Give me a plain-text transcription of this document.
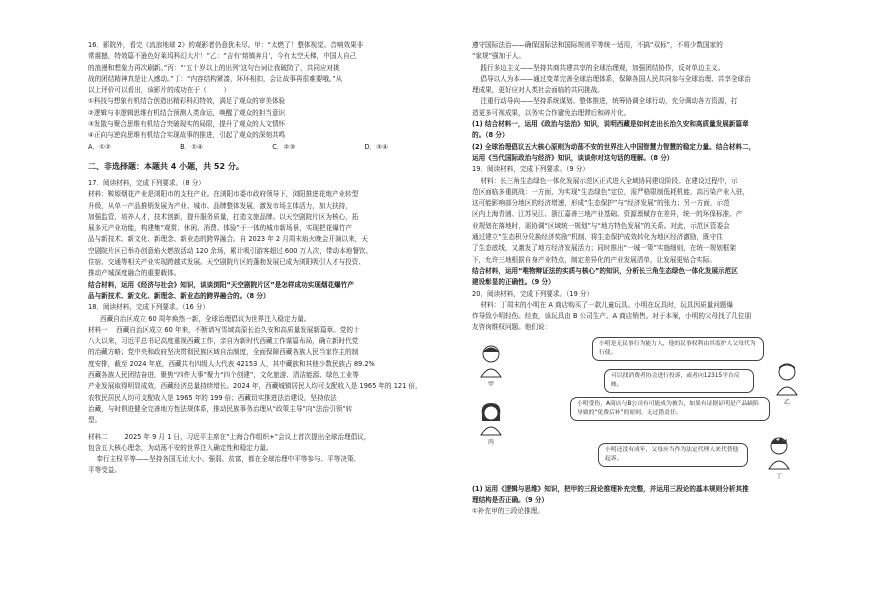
16．影院外，看完《流浪地球 2》的观影者仍意犹未尽。甲：“太燃了！整体视觉、音响效果非

常震撼，特效篇不逊色好莱坞科幻大片！”乙：“吉有‘熔镇奔月’，今有太空天梯，中国人自己

的浪漫和想象力再次刷新。”丙：“‘五十岁以上的出列’这句台词让我破防了，共同应对挑

战的团结精神真是让人感动。”丁：“内容结构紧凑，环环相扣，会让故事再很难要哦。”从

以上评价可以看出，该影片的成功在于（        ）

①科技与想象有机结合创造出精彩科幻特效，满足了观众的审美体验

②逻辑与非逻辑思维有机结合预测人类命运，唤醒了观众的担当意识

③发散与聚合思维有机结合突破现实的局限，提升了观众的人文情怀

④正向与逆向思维有机结合实现故事的推进，引起了观众的深刻共鸣

A．①②	B．①④	C．②③	D．③④

二、非选择题：本题共 4 小题，共 52 分。

17．阅读材料，完成下列要求。（8 分）

材料：鞍塬烟花产业是浏阳市的支柱产业。在浏阳市委市政府领导下，浏阳推进花炮产业转型

升级，从单一产品推销发展为产业、城市、品牌整体发展，激发市场主体活力，加大扶持，

加强监管，培养人才，技术创新，提升服务质量，打造文旅品牌。以天空剧院片区为核心，拓

展多元产业功能，构建集“观赏、休闲、消费、体验”于一体的城市新场景，实现把花爆竹产

品与新技术、新文化、新理念、新业态的跨界融合。自 2023 年 2 月周末焰火晚会开演以来，天

空剧院片区已举办创意焰火燃放活动 120 余场，累计吸引游客超过 600 万人次，带动本地餐饮、

住宿、交通等相关产业实现跨越式发展。天空剧院片区的蓬勃发展已成为浏阳吸引人才与投资、

推动产城深度融合的重要载体。

结合材料，运用《经济与社会》知识，谈谈浏阳“天空剧院片区”是怎样成功实现烟花爆竹产

品与新技术、新文化、新理念、新业态的跨界融合的。（8 分）

18．阅读材料，完成下列要求。（16 分）

西藏自治区成立 60 周年焕然一新，全球治理倡议为世界注入稳定力量。

材料一    西藏自治区成立 60 年来，不断谱写雪域高原长治久安和高质量发展新篇章。党的十

八大以来，习近平总书记高度重视西藏工作，亲自为新时代西藏工作谋篇布局，确立新时代党

的治藏方略；党中央和政府坚决贯彻民族区域自治制度，全面保障西藏各族人民当家作主的制

度安排，截至 2024 年底，西藏共有四级人大代表 42153 人，其中藏族和其他少数民族占 89.2%

西藏各族人民团结奋进，聚焦“四件大事”聚力“四个创建”，文化旅游、清洁能源、绿色工业等

产业发展取得明显成效，西藏经济总量持续增长。2024 年，西藏城镇居民人均可支配收入是 1965 年的 121 倍，

农牧民居民人均可支配收入是 1965 年的 199 倍；西藏切实推进法治建设，坚持依法

治藏，与时俱进健全完善地方性法规体系，推动民族事务治理从“政策主导”向“法治引领”转

型。

材料二        2025 年 9 月 1 日，习近平主席在“上海合作组织+”会议上首次提出全球治理倡议，

包含五大核心理念，为动荡不安的世界注入确定性和稳定力量。

奉行主权平等——坚持各国无论大小、强弱、贫富，都在全球治理中平等参与、平等决策、

平等受益。

遵守国际法治——确保国际法和国际规则平等统一适用，不搞“双标”，不将少数国家的

“家规”强加于人。

践行多边主义——坚持共商共建共享的全球治理观，加强团结协作，反对单边主义。

倡导以人为本——通过变革完善全球治理体系，保障各国人民共同参与全球治理、共享全球治

理成果，更好应对人类社会面临的共同挑战。

注重行动导向——坚持系统谋划、整体推进，统筹协调全球行动，充分调动各方资源，打

造更多可视成果，以务实合作避免治理滞后和碎片化。

(1) 结合材料一，运用《政治与法治》知识，说明西藏是如何走出长治久安和高质量发展新篇章

的。（8 分）

(2) 全球治理倡议五大核心原则为动荡不安的世界注入中国智慧力智慧的稳定力量。结合材料二，

运用《当代国际政治与经济》知识，谈谈你对这句话的理解。（8 分）

19．阅读材料，完成下列要求。（9 分）

材料：长三角生态绿色一体化发展示范区正式进入全域协同建设阶段。在建设过程中，示

范区面临多重挑战：一方面，为实现“生态绿色”定位，需严格限制低耗机能、高污染产业入驻，

这可能影响部分地区的经济增速，形成“生态保护”与“经济发展”的张力；另一方面，示范

区内上海青浦、江苏吴江、浙江嘉善三地产业基础、资源禀赋存在差异，统一的环保标准、产

业规划在落地时，需协调“区域统一规划”与“地方特色发展”的关系。对此，示范区管委会

通过建立“生态积分兑换经济奖励”机制，将生态保护成效转化为地区经济激励，既守住

了生态底线，又激发了地方经济发展活力；同时推出“一城一策”实施细则，在统一规划框架

下，允许三地根据自身产业特点，制定差异化的产业发展清单，让发展更贴合实际。

结合材料，运用“唯物辩证法的实质与核心”的知识，分析长三角生态绿色一体化发展示范区

建设彰显的正确性。（9 分）

20．阅读材料，完成下列要求。（19 分）

材料：丁周末的小明在 A 商店购买了一款儿童玩具。小明在玩具时，玩具因质量问题爆

炸导致小明轻伤。经查，该玩具由 B 公司生产。A 商店销售。对于本案，小明的父母找了几位朋

友咨询维权问题。他们说：

甲
小明是无民事行为能力人，他的民事权利由其监护人父母代为行使。
可以找消费者协会进行投诉，或者向12315平台反映。
乙
丙
小明受伤，A商店与B公司有可能成为被告，如果有证据证明是产品缺陷导致的“免费后补”的原则，无过错责任。
小明还没有成年，父母应当作为法定代理人来代替他起诉。
丁

(1) 运用《逻辑与思维》知识，把甲的三段论推理补充完整，并运用三段论的基本规则分析其推

理结构是否正确。（9 分）

①补充甲的三段论推理。
